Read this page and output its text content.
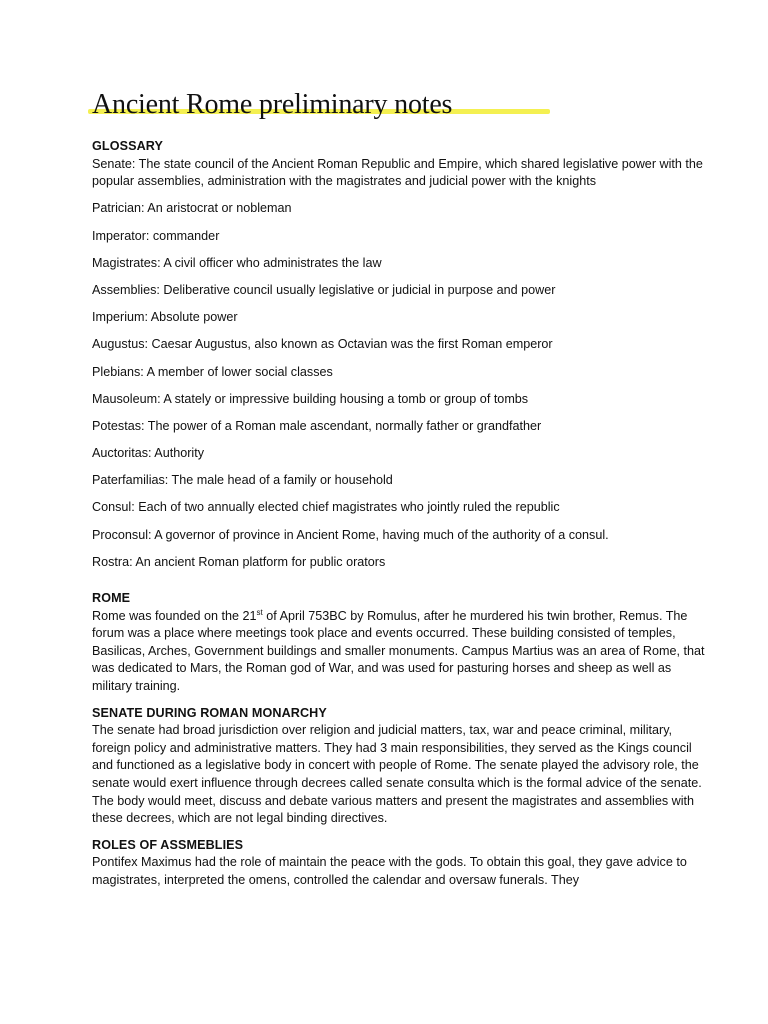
Ancient Rome preliminary notes
GLOSSARY
Senate: The state council of the Ancient Roman Republic and Empire, which shared legislative power with the popular assemblies, administration with the magistrates and judicial power with the knights
Patrician: An aristocrat or nobleman
Imperator: commander
Magistrates: A civil officer who administrates the law
Assemblies: Deliberative council usually legislative or judicial in purpose and power
Imperium: Absolute power
Augustus: Caesar Augustus, also known as Octavian was the first Roman emperor
Plebians: A member of lower social classes
Mausoleum: A stately or impressive building housing a tomb or group of tombs
Potestas: The power of a Roman male ascendant, normally father or grandfather
Auctoritas: Authority
Paterfamilias: The male head of a family or household
Consul: Each of two annually elected chief magistrates who jointly ruled the republic
Proconsul: A governor of province in Ancient Rome, having much of the authority of a consul.
Rostra: An ancient Roman platform for public orators
ROME

Rome was founded on the 21st of April 753BC by Romulus, after he murdered his twin brother, Remus. The forum was a place where meetings took place and events occurred. These building consisted of temples, Basilicas, Arches, Government buildings and smaller monuments. Campus Martius was an area of Rome, that was dedicated to Mars, the Roman god of War, and was used for pasturing horses and sheep as well as military training.

SENATE DURING ROMAN MONARCHY

The senate had broad jurisdiction over religion and judicial matters, tax, war and peace criminal, military, foreign policy and administrative matters. They had 3 main responsibilities, they served as the Kings council and functioned as a legislative body in concert with people of Rome. The senate played the advisory role, the senate would exert influence through decrees called senate consulta which is the formal advice of the senate. The body would meet, discuss and debate various matters and present the magistrates and assemblies with these decrees, which are not legal binding directives.

ROLES OF ASSMEBLIES

Pontifex Maximus had the role of maintain the peace with the gods. To obtain this goal, they gave advice to magistrates, interpreted the omens, controlled the calendar and oversaw funerals. They
